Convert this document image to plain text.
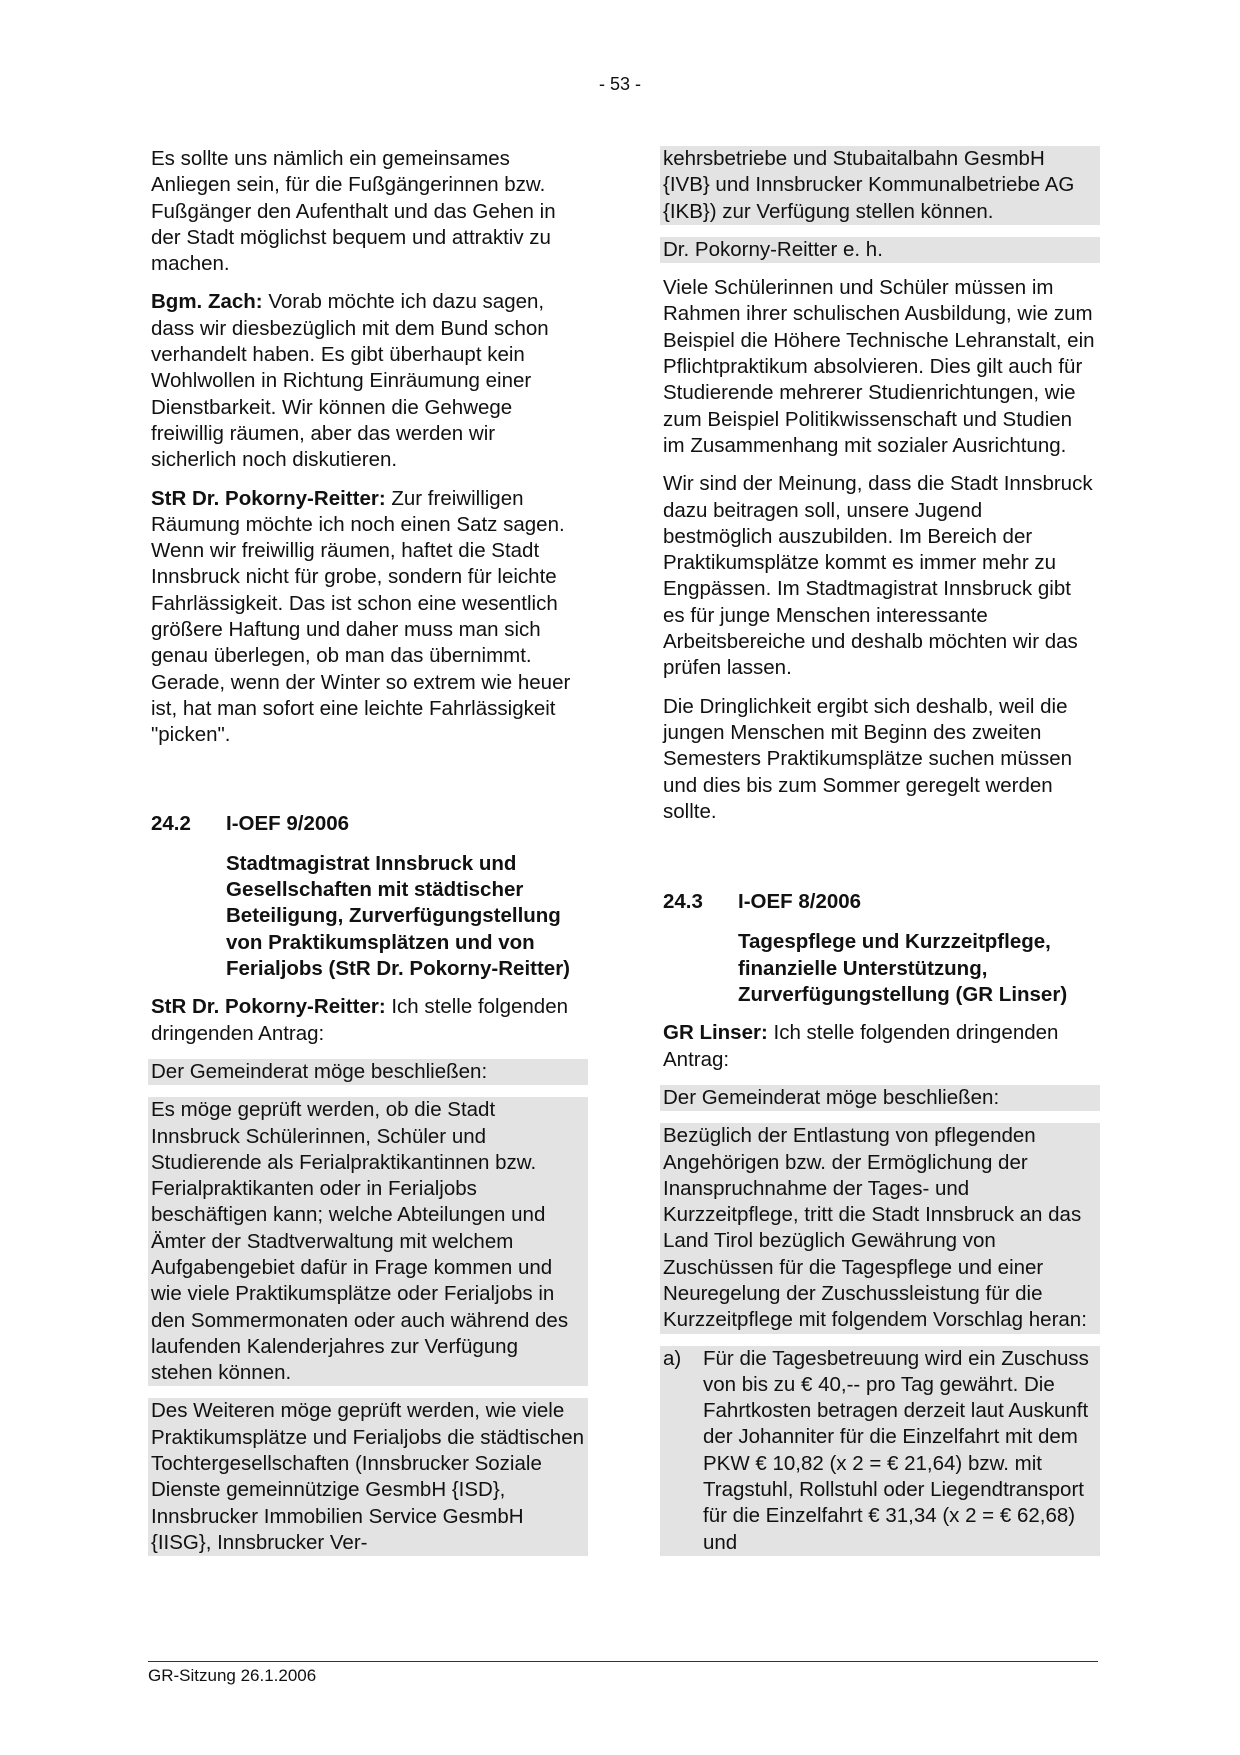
- 53 -

Es sollte uns nämlich ein gemeinsames Anliegen sein, für die Fußgängerinnen bzw. Fußgänger den Aufenthalt und das Gehen in der Stadt möglichst bequem und attraktiv zu machen.

Bgm. Zach: Vorab möchte ich dazu sagen, dass wir diesbezüglich mit dem Bund schon verhandelt haben. Es gibt überhaupt kein Wohlwollen in Richtung Einräumung einer Dienstbarkeit. Wir können die Gehwege freiwillig räumen, aber das werden wir sicherlich noch diskutieren.

StR Dr. Pokorny-Reitter: Zur freiwilligen Räumung möchte ich noch einen Satz sagen. Wenn wir freiwillig räumen, haftet die Stadt Innsbruck nicht für grobe, sondern für leichte Fahrlässigkeit. Das ist schon eine wesentlich größere Haftung und daher muss man sich genau überlegen, ob man das übernimmt. Gerade, wenn der Winter so extrem wie heuer ist, hat man sofort eine leichte Fahrlässigkeit "picken".

24.2	I-OEF 9/2006

Stadtmagistrat Innsbruck und Gesellschaften mit städtischer Beteiligung, Zurverfügungstellung von Praktikumsplätzen und von Ferialjobs (StR Dr. Pokorny-Reitter)

StR Dr. Pokorny-Reitter: Ich stelle folgenden dringenden Antrag:

Der Gemeinderat möge beschließen:

Es möge geprüft werden, ob die Stadt Innsbruck Schülerinnen, Schüler und Studierende als Ferialpraktikantinnen bzw. Ferialpraktikanten oder in Ferialjobs beschäftigen kann; welche Abteilungen und Ämter der Stadtverwaltung mit welchem Aufgabengebiet dafür in Frage kommen und wie viele Praktikumsplätze oder Ferialjobs in den Sommermonaten oder auch während des laufenden Kalenderjahres zur Verfügung stehen können.

Des Weiteren möge geprüft werden, wie viele Praktikumsplätze und Ferialjobs die städtischen Tochtergesellschaften (Innsbrucker Soziale Dienste gemeinnützige GesmbH {ISD}, Innsbrucker Immobilien Service GesmbH {IISG}, Innsbrucker Ver-

kehrsbetriebe und Stubaitalbahn GesmbH {IVB} und Innsbrucker Kommunalbetriebe AG {IKB}) zur Verfügung stellen können.

Dr. Pokorny-Reitter e. h.

Viele Schülerinnen und Schüler müssen im Rahmen ihrer schulischen Ausbildung, wie zum Beispiel die Höhere Technische Lehranstalt, ein Pflichtpraktikum absolvieren. Dies gilt auch für Studierende mehrerer Studienrichtungen, wie zum Beispiel Politikwissenschaft und Studien im Zusammenhang mit sozialer Ausrichtung.

Wir sind der Meinung, dass die Stadt Innsbruck dazu beitragen soll, unsere Jugend bestmöglich auszubilden. Im Bereich der Praktikumsplätze kommt es immer mehr zu Engpässen. Im Stadtmagistrat Innsbruck gibt es für junge Menschen interessante Arbeitsbereiche und deshalb möchten wir das prüfen lassen.

Die Dringlichkeit ergibt sich deshalb, weil die jungen Menschen mit Beginn des zweiten Semesters Praktikumsplätze suchen müssen und dies bis zum Sommer geregelt werden sollte.

24.3	I-OEF 8/2006

Tagespflege und Kurzzeitpflege, finanzielle Unterstützung, Zurverfügungstellung (GR Linser)

GR Linser: Ich stelle folgenden dringenden Antrag:

Der Gemeinderat möge beschließen:

Bezüglich der Entlastung von pflegenden Angehörigen bzw. der Ermöglichung der Inanspruchnahme der Tages- und Kurzzeitpflege, tritt die Stadt Innsbruck an das Land Tirol bezüglich Gewährung von Zuschüssen für die Tagespflege und einer Neuregelung der Zuschussleistung für die Kurzzeitpflege mit folgendem Vorschlag heran:

a)	Für die Tagesbetreuung wird ein Zuschuss von bis zu € 40,-- pro Tag gewährt. Die Fahrtkosten betragen derzeit laut Auskunft der Johanniter für die Einzelfahrt mit dem PKW € 10,82 (x 2 = € 21,64) bzw. mit Tragstuhl, Rollstuhl oder Liegendtransport für die Einzelfahrt € 31,34 (x 2 = € 62,68) und
GR-Sitzung 26.1.2006
